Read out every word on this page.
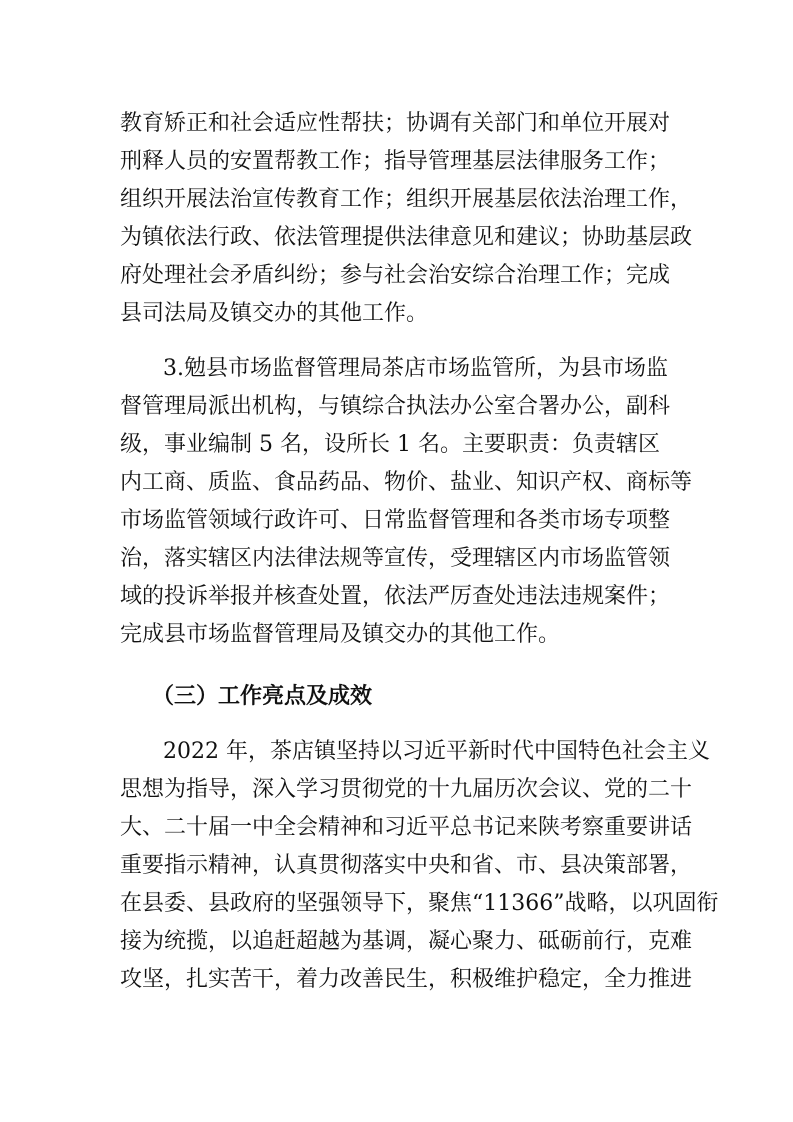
教育矫正和社会适应性帮扶；协调有关部门和单位开展对
刑释人员的安置帮教工作；指导管理基层法律服务工作；
组织开展法治宣传教育工作；组织开展基层依法治理工作，
为镇依法行政、依法管理提供法律意见和建议；协助基层政
府处理社会矛盾纠纷；参与社会治安综合治理工作；完成
县司法局及镇交办的其他工作。
3.勉县市场监督管理局茶店市场监管所，为县市场监
督管理局派出机构，与镇综合执法办公室合署办公，副科
级，事业编制 5 名，设所长 1 名。主要职责：负责辖区
内工商、质监、食品药品、物价、盐业、知识产权、商标等
市场监管领域行政许可、日常监督管理和各类市场专项整
治，落实辖区内法律法规等宣传，受理辖区内市场监管领
域的投诉举报并核查处置，依法严厉查处违法违规案件；
完成县市场监督管理局及镇交办的其他工作。
（三）工作亮点及成效
2022 年，茶店镇坚持以习近平新时代中国特色社会主义
思想为指导，深入学习贯彻党的十九届历次会议、党的二十
大、二十届一中全会精神和习近平总书记来陕考察重要讲话
重要指示精神，认真贯彻落实中央和省、市、县决策部署，
在县委、县政府的坚强领导下，聚焦“11366”战略，以巩固衔
接为统揽，以追赶超越为基调，凝心聚力、砥砺前行，克难
攻坚，扎实苦干，着力改善民生，积极维护稳定，全力推进
